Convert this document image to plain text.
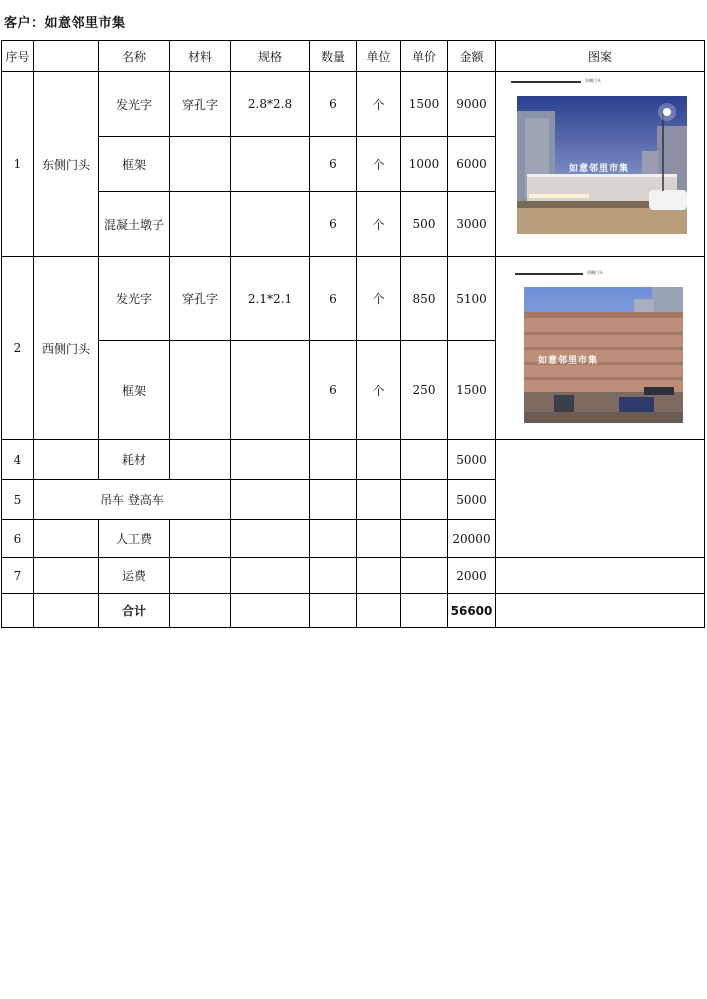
客户：如意邻里市集
序号		名称	材料	规格	数量	单位	单价	金额	图案
1	东侧门头	发光字	穿孔字	2.8*2.8	6	个	1500	9000	东侧门头
如意邻里市集

		框架			6	个	1000	6000	
		混凝土墩子			6	个	500	3000	
2	西侧门头	发光字	穿孔字	2.1*2.1	6	个	850	5100	西侧门头
如意邻里市集

		框架			6	个	250	1500	
4		耗材						5000	
5	吊车 登高车							5000	
6		人工费						20000	
7		运费						2000	
		合计						56600	
